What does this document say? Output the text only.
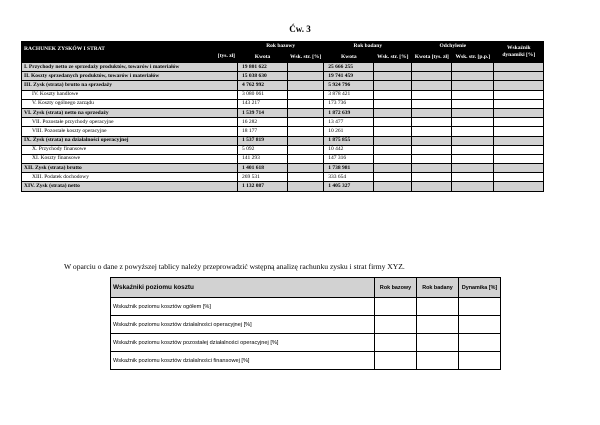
Ćw. 3
RACHUNEK ZYSKÓW I STRAT
[tys. zł]	Rok bazowy		Rok badany		Odchylenie		Wskaźnik dynamiki [%]
	Kwota	Wsk. str. [%]	Kwota	Wsk. str. [%]	Kwota [tys. zł]	Wsk. str. [p.p.]	
I. Przychody netto ze sprzedaży produktów, towarów i materiałów	19 801 622		25 666 255				
II. Koszty sprzedanych produktów, towarów i materiałów	15 038 630		19 741 459				
III. Zysk (strata) brutto na sprzedaży	4 762 992		5 924 796				
IV. Koszty handlowe	3 080 061		3 878 421				
V. Koszty ogólnego zarządu	143 217		173 736				
VI. Zysk (strata) netto na sprzedaży	1 539 714		1 872 639				
VII. Pozostałe przychody operacyjne	16 282		13 477				
VIII. Pozostałe koszty operacyjne	18 177		10 261				
IX. Zysk (strata) na działalności operacyjnej	1 537 819		1 875 855				
X. Przychody finansowe	5 092		10 442				
XI. Koszty finansowe	141 293		147 316				
XII. Zysk (strata) brutto	1 401 618		1 738 981				
XIII. Podatek dochodowy	269 531		333 654				
XIV. Zysk (strata) netto	1 132 087		1 405 327				
W oparciu o dane z powyższej tablicy należy przeprowadzić wstępną analizę rachunku zysku i strat firmy XYZ.
Wskaźniki poziomu kosztu	Rok bazowy	Rok badany	Dynamika [%]
Wskaźnik poziomu kosztów ogółem [%]			
Wskaźnik poziomu kosztów działalności operacyjnej [%]			
Wskaźnik poziomu kosztów pozostałej działalności operacyjnej [%]			
Wskaźnik poziomu kosztów działalności finansowej [%]			
